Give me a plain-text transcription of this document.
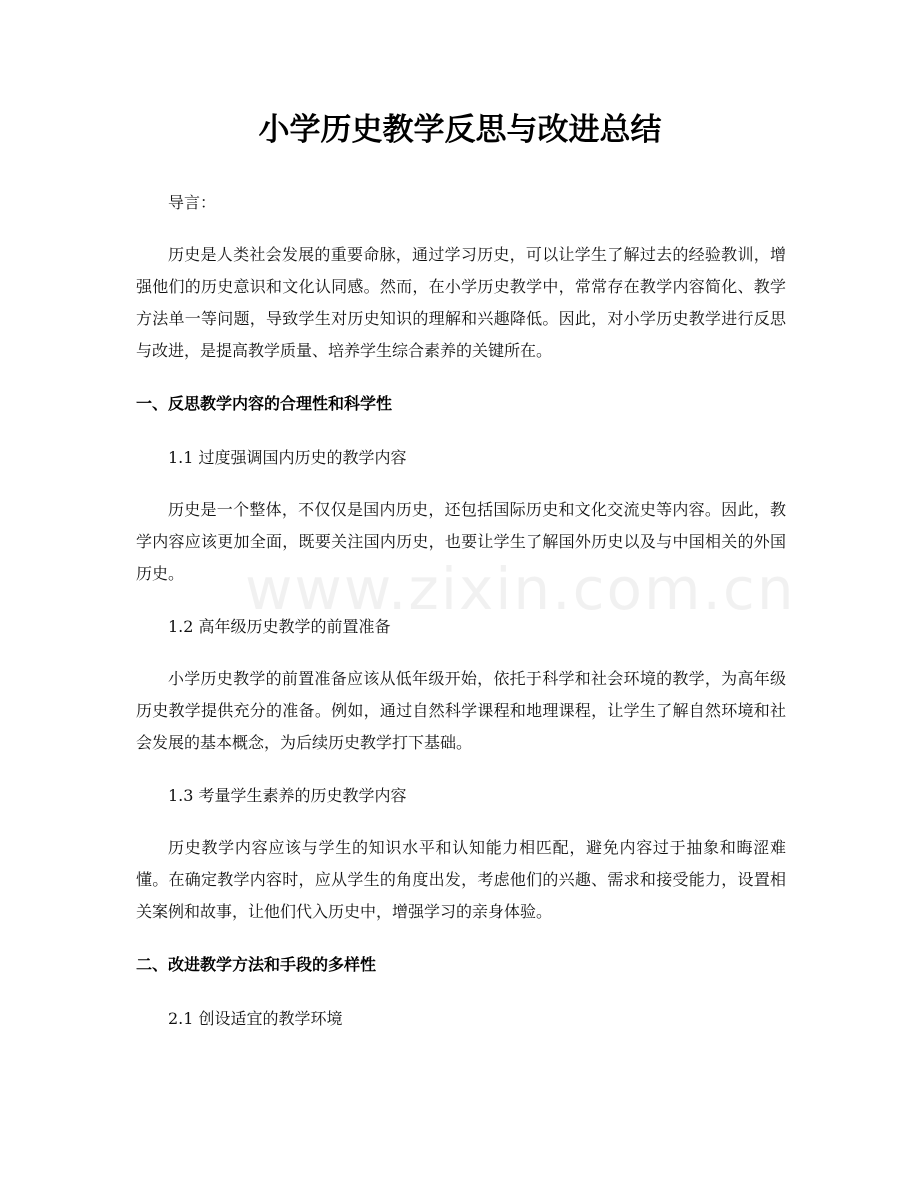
www.zixin.com.cn
小学历史教学反思与改进总结

导言：

历史是人类社会发展的重要命脉，通过学习历史，可以让学生了解过去的经验教训，增强他们的历史意识和文化认同感。然而，在小学历史教学中，常常存在教学内容简化、教学方法单一等问题，导致学生对历史知识的理解和兴趣降低。因此，对小学历史教学进行反思与改进，是提高教学质量、培养学生综合素养的关键所在。

一、反思教学内容的合理性和科学性
1.1 过度强调国内历史的教学内容

历史是一个整体，不仅仅是国内历史，还包括国际历史和文化交流史等内容。因此，教学内容应该更加全面，既要关注国内历史，也要让学生了解国外历史以及与中国相关的外国历史。

1.2 高年级历史教学的前置准备

小学历史教学的前置准备应该从低年级开始，依托于科学和社会环境的教学，为高年级历史教学提供充分的准备。例如，通过自然科学课程和地理课程，让学生了解自然环境和社会发展的基本概念，为后续历史教学打下基础。

1.3 考量学生素养的历史教学内容

历史教学内容应该与学生的知识水平和认知能力相匹配，避免内容过于抽象和晦涩难懂。在确定教学内容时，应从学生的角度出发，考虑他们的兴趣、需求和接受能力，设置相关案例和故事，让他们代入历史中，增强学习的亲身体验。

二、改进教学方法和手段的多样性
2.1 创设适宜的教学环境
